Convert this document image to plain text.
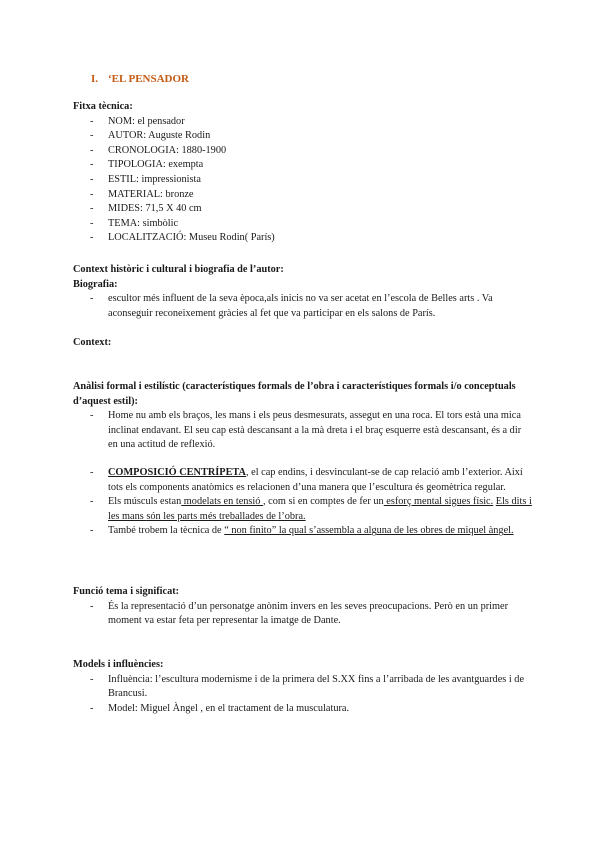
I. ‘EL PENSADOR
Fitxa tècnica:
- NOM: el pensador
- AUTOR: Auguste Rodin
- CRONOLOGIA: 1880-1900
- TIPOLOGIA: exempta
- ESTIL: impressionista
- MATERIAL: bronze
- MIDES: 71,5 X 40 cm
- TEMA: simbòlic
- LOCALITZACIÓ: Museu Rodin( París)
Context històric i cultural i biografia de l’autor:
Biografia:
- escultor més influent de la seva època,als inicis no va ser acetat en l’escola de Belles arts . Va aconseguir reconeixement gràcies al fet que va participar en els salons de París.
Context:
Anàlisi formal i estilístic (característiques formals de l’obra i característiques formals i/o conceptuals d’aquest estil):
- Home nu amb els braços, les mans i els peus desmesurats, assegut en una roca. El tors està una mica inclinat endavant. El seu cap està descansant a la mà dreta i el braç esquerre està descansant, és a dir en una actitud de reflexió.
- COMPOSICIÓ CENTRÍPETA, el cap endins, i desvinculant-se de cap relació amb l’exterior. Així tots els components anatòmics es relacionen d’una manera que l’escultura és geomètrica regular.
- Els músculs estan modelats en tensió , com si en comptes de fer un esforç mental sigues físic. Els dits i les mans són les parts més treballades de l’obra.
- També trobem la tècnica de “ non finito” la qual s’assembla a alguna de les obres de miquel àngel.
Funció tema i significat:
- És la representació d’un personatge anònim invers en les seves preocupacions. Però en un primer moment va estar feta per representar la imatge de Dante.
Models i influències:
- Influència: l’escultura modernisme i de la primera del S.XX fins a l’arribada de les avantguardes i de Brancusi.
- Model: Miguel Àngel , en el tractament de la musculatura.
